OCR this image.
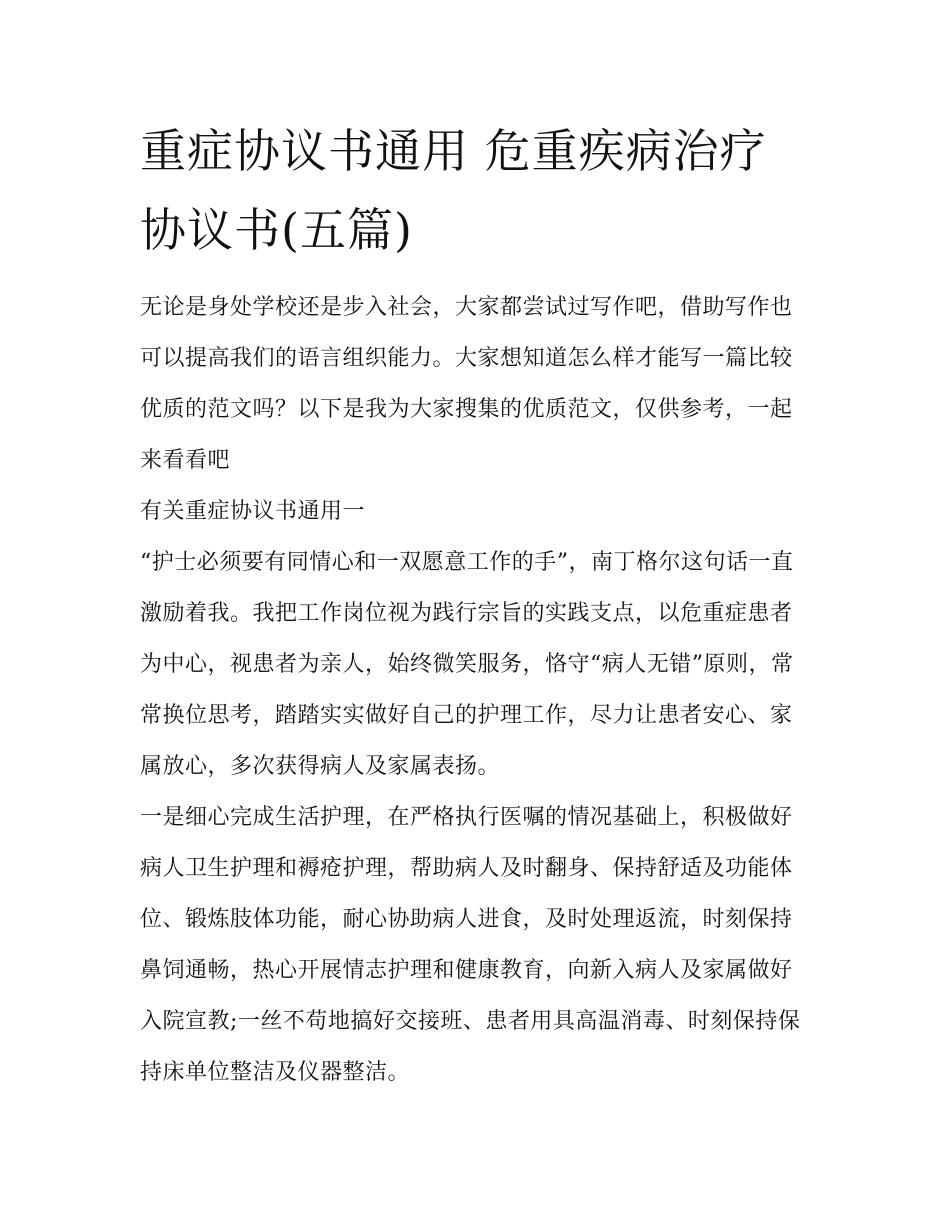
重症协议书通用 危重疾病治疗协议书(五篇)

无论是身处学校还是步入社会，大家都尝试过写作吧，借助写作也可以提高我们的语言组织能力。大家想知道怎么样才能写一篇比较优质的范文吗？以下是我为大家搜集的优质范文，仅供参考，一起来看看吧

有关重症协议书通用一

“护士必须要有同情心和一双愿意工作的手”，南丁格尔这句话一直激励着我。我把工作岗位视为践行宗旨的实践支点，以危重症患者为中心，视患者为亲人，始终微笑服务，恪守“病人无错”原则，常常换位思考，踏踏实实做好自己的护理工作，尽力让患者安心、家属放心，多次获得病人及家属表扬。

一是细心完成生活护理，在严格执行医嘱的情况基础上，积极做好病人卫生护理和褥疮护理，帮助病人及时翻身、保持舒适及功能体位、锻炼肢体功能，耐心协助病人进食，及时处理返流，时刻保持鼻饲通畅，热心开展情志护理和健康教育，向新入病人及家属做好入院宣教;一丝不苟地搞好交接班、患者用具高温消毒、时刻保持保持床单位整洁及仪器整洁。
